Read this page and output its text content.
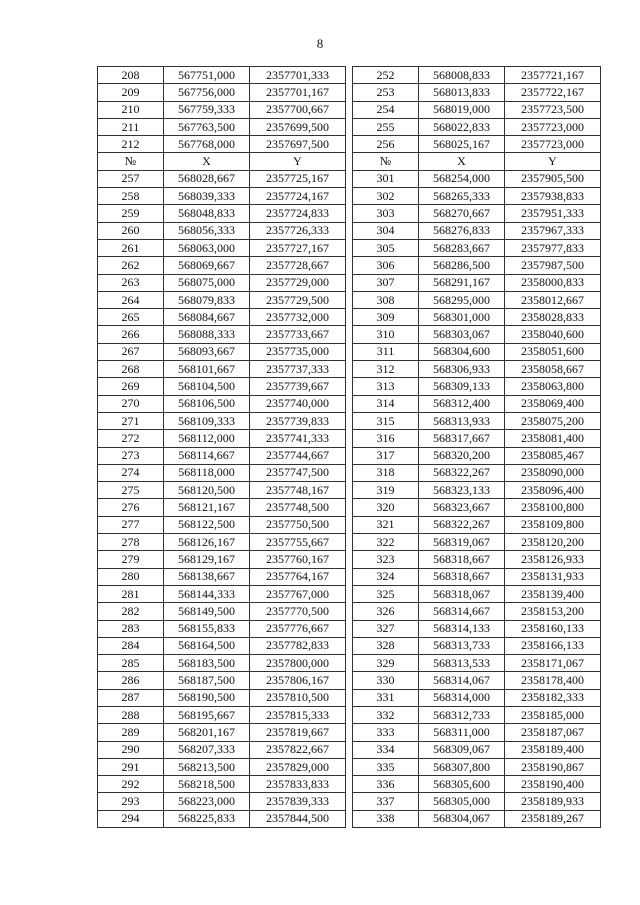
8
208	567751,000	2357701,333		252	568008,833	2357721,167
209	567756,000	2357701,167		253	568013,833	2357722,167
210	567759,333	2357700,667		254	568019,000	2357723,500
211	567763,500	2357699,500		255	568022,833	2357723,000
212	567768,000	2357697,500		256	568025,167	2357723,000
№	X	Y		№	X	Y
257	568028,667	2357725,167		301	568254,000	2357905,500
258	568039,333	2357724,167		302	568265,333	2357938,833
259	568048,833	2357724,833		303	568270,667	2357951,333
260	568056,333	2357726,333		304	568276,833	2357967,333
261	568063,000	2357727,167		305	568283,667	2357977,833
262	568069,667	2357728,667		306	568286,500	2357987,500
263	568075,000	2357729,000		307	568291,167	2358000,833
264	568079,833	2357729,500		308	568295,000	2358012,667
265	568084,667	2357732,000		309	568301,000	2358028,833
266	568088,333	2357733,667		310	568303,067	2358040,600
267	568093,667	2357735,000		311	568304,600	2358051,600
268	568101,667	2357737,333		312	568306,933	2358058,667
269	568104,500	2357739,667		313	568309,133	2358063,800
270	568106,500	2357740,000		314	568312,400	2358069,400
271	568109,333	2357739,833		315	568313,933	2358075,200
272	568112,000	2357741,333		316	568317,667	2358081,400
273	568114,667	2357744,667		317	568320,200	2358085,467
274	568118,000	2357747,500		318	568322,267	2358090,000
275	568120,500	2357748,167		319	568323,133	2358096,400
276	568121,167	2357748,500		320	568323,667	2358100,800
277	568122,500	2357750,500		321	568322,267	2358109,800
278	568126,167	2357755,667		322	568319,067	2358120,200
279	568129,167	2357760,167		323	568318,667	2358126,933
280	568138,667	2357764,167		324	568318,667	2358131,933
281	568144,333	2357767,000		325	568318,067	2358139,400
282	568149,500	2357770,500		326	568314,667	2358153,200
283	568155,833	2357776,667		327	568314,133	2358160,133
284	568164,500	2357782,833		328	568313,733	2358166,133
285	568183,500	2357800,000		329	568313,533	2358171,067
286	568187,500	2357806,167		330	568314,067	2358178,400
287	568190,500	2357810,500		331	568314,000	2358182,333
288	568195,667	2357815,333		332	568312,733	2358185,000
289	568201,167	2357819,667		333	568311,000	2358187,067
290	568207,333	2357822,667		334	568309,067	2358189,400
291	568213,500	2357829,000		335	568307,800	2358190,867
292	568218,500	2357833,833		336	568305,600	2358190,400
293	568223,000	2357839,333		337	568305,000	2358189,933
294	568225,833	2357844,500		338	568304,067	2358189,267
